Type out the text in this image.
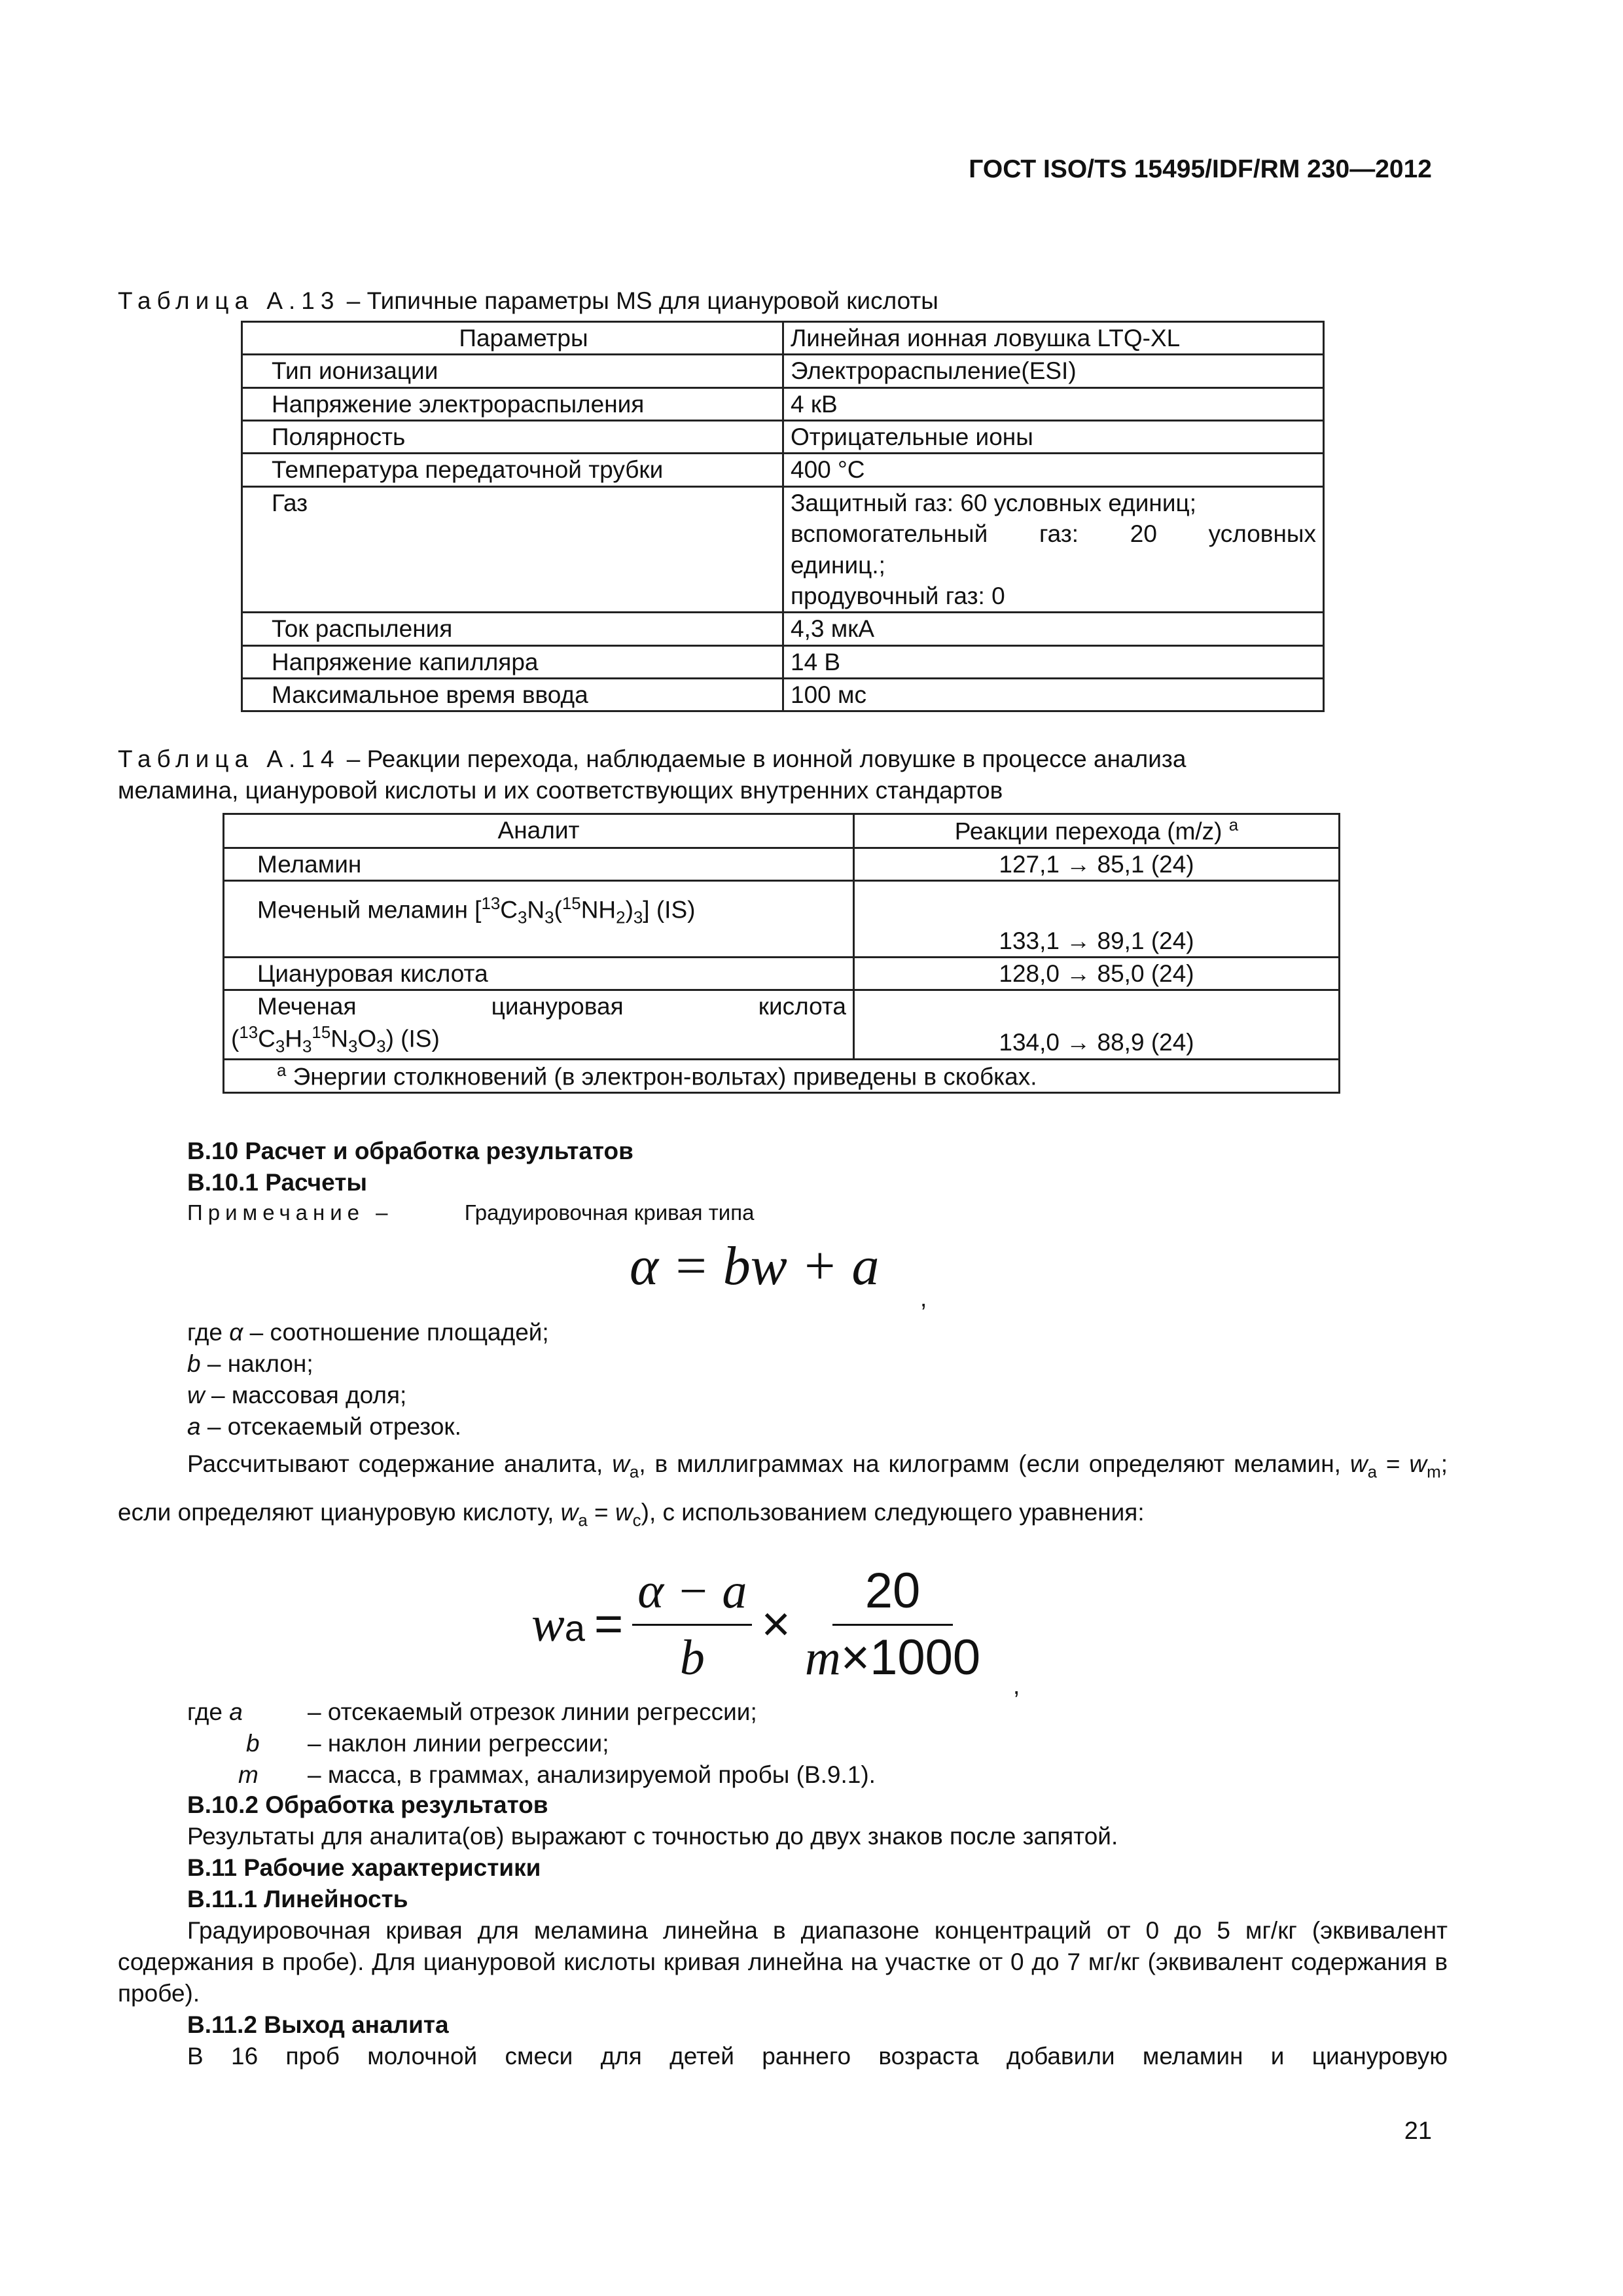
ГОСТ ISO/TS 15495/IDF/RM 230—2012
Таблица А.13 – Типичные параметры MS для циануровой кислоты
Параметры	Линейная ионная ловушка LTQ-XL
Тип ионизации	Электрораспыление(ESI)
Напряжение электрораспыления	4 кВ
Полярность	Отрицательные ионы
Температура передаточной трубки	400 °С
Газ	Защитный газ: 60 условных единиц;
вспомогательный газ: 20 условных
единиц.;
продувочный газ: 0

Ток распыления	4,3 мкА
Напряжение капилляра	14 В
Максимальное время ввода	100 мс
Таблица А.14 – Реакции перехода, наблюдаемые в ионной ловушке в процессе анализа
меламина, циануровой кислоты и их соответствующих внутренних стандартов
Аналит	Реакции перехода (m/z) $^a$
Меламин	127,1 → 85,1 (24)
Меченый меламин $[^{13}C_3N_3(^{15}NH_2)_3]$ (IS)	133,1 → 89,1 (24)
Циануровая кислота	128,0 → 85,0 (24)

Меченая циануровая кислота
$(^{13}C_3H_3^{15}N_3O_3)$ (IS)	134,0 → 88,9 (24)
$^a$ Энергии столкновений (в электрон-вольтах) приведены в скобках.	
В.10 Расчет и обработка результатов
В.10.1 Расчеты
Примечание –	Градуировочная кривая типа
α = bw + a
,
где α – соотношение площадей;
b – наклон;
w – массовая доля;
a – отсекаемый отрезок.
Рассчитывают содержание аналита, $w_a$, в миллиграммах на килограмм (если определяют меламин, $w_a = w_m$; если определяют циануровую кислоту, $w_a = w_c$), с использованием следующего уравнения:
wa = $\frac{\alpha - a}{b} \times \frac{20}{m\times 1000}$ ,
где a	– отсекаемый отрезок линии регрессии;
b – наклон линии регрессии;
m – масса, в граммах, анализируемой пробы (В.9.1).
В.10.2 Обработка результатов
Результаты для аналита(ов) выражают с точностью до двух знаков после запятой.
В.11 Рабочие характеристики
В.11.1 Линейность
Градуировочная кривая для меламина линейна в диапазоне концентраций от 0 до 5 мг/кг (эквивалент содержания в пробе). Для циануровой кислоты кривая линейна на участке от 0 до 7 мг/кг (эквивалент содержания в пробе).
В.11.2 Выход аналита
В 16 проб молочной смеси для детей раннего возраста добавили меламин и циануровую
21
